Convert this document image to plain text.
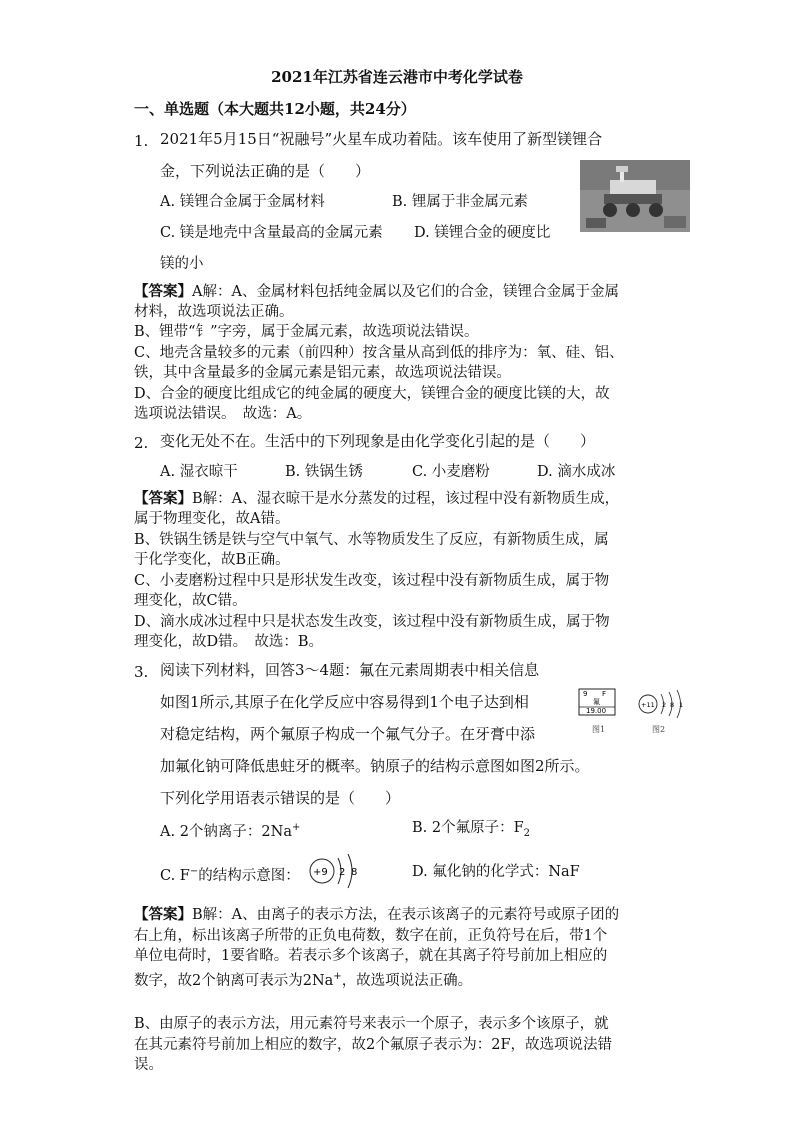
2021年江苏省连云港市中考化学试卷
一、单选题（本大题共12小题，共24分）
1. 2021年5月15日“祝融号”火星车成功着陆。该车使用了新型镁锂合
金，下列说法正确的是（　　）
A. 镁锂合金属于金属材料	B. 锂属于非金属元素
C. 镁是地壳中含量最高的金属元素 D. 镁锂合金的硬度比
镁的小
【答案】A解：A、金属材料包括纯金属以及它们的合金，镁锂合金属于金属
材料，故选项说法正确。
B、锂带“钅”字旁，属于金属元素，故选项说法错误。
C、地壳含量较多的元素（前四种）按含量从高到低的排序为：氧、硅、铝、
铁，其中含量最多的金属元素是铝元素，故选项说法错误。
D、合金的硬度比组成它的纯金属的硬度大，镁锂合金的硬度比镁的大，故
选项说法错误。　故选：A。
2. 变化无处不在。生活中的下列现象是由化学变化引起的是（　　）
A. 湿衣晾干	B. 铁锅生锈	C. 小麦磨粉	D. 滴水成冰
【答案】B解：A、湿衣晾干是水分蒸发的过程，该过程中没有新物质生成，
属于物理变化，故A错。
B、铁锅生锈是铁与空气中氧气、水等物质发生了反应，有新物质生成，属
于化学变化，故B正确。
C、小麦磨粉过程中只是形状发生改变，该过程中没有新物质生成，属于物
理变化，故C错。
D、滴水成冰过程中只是状态发生改变，该过程中没有新物质生成，属于物
理变化，故D错。　故选：B。
3. 阅读下列材料，回答3～4题：氟在元素周期表中相关信息
如图1所示,其原子在化学反应中容易得到1个电子达到相
对稳定结构，两个氟原子构成一个氟气分子。在牙膏中添
加氟化钠可降低患蛀牙的概率。钠原子的结构示意图如图2所示。
下列化学用语表示错误的是（　　）
9 F
氟
19.00
图1
+11 2 8 1
图2
A. 2个钠离子：2Na+	B. 2个氟原子：$F_2$
C. F−的结构示意图： +9 2 8	D. 氟化钠的化学式：NaF
【答案】B解：A、由离子的表示方法，在表示该离子的元素符号或原子团的
右上角，标出该离子所带的正负电荷数，数字在前，正负符号在后，带1个
单位电荷时，1要省略。若表示多个该离子，就在其离子符号前加上相应的
数字，故2个钠离可表示为2Na+，故选项说法正确。
B、由原子的表示方法，用元素符号来表示一个原子，表示多个该原子，就
在其元素符号前加上相应的数字，故2个氟原子表示为：2F，故选项说法错
误。
